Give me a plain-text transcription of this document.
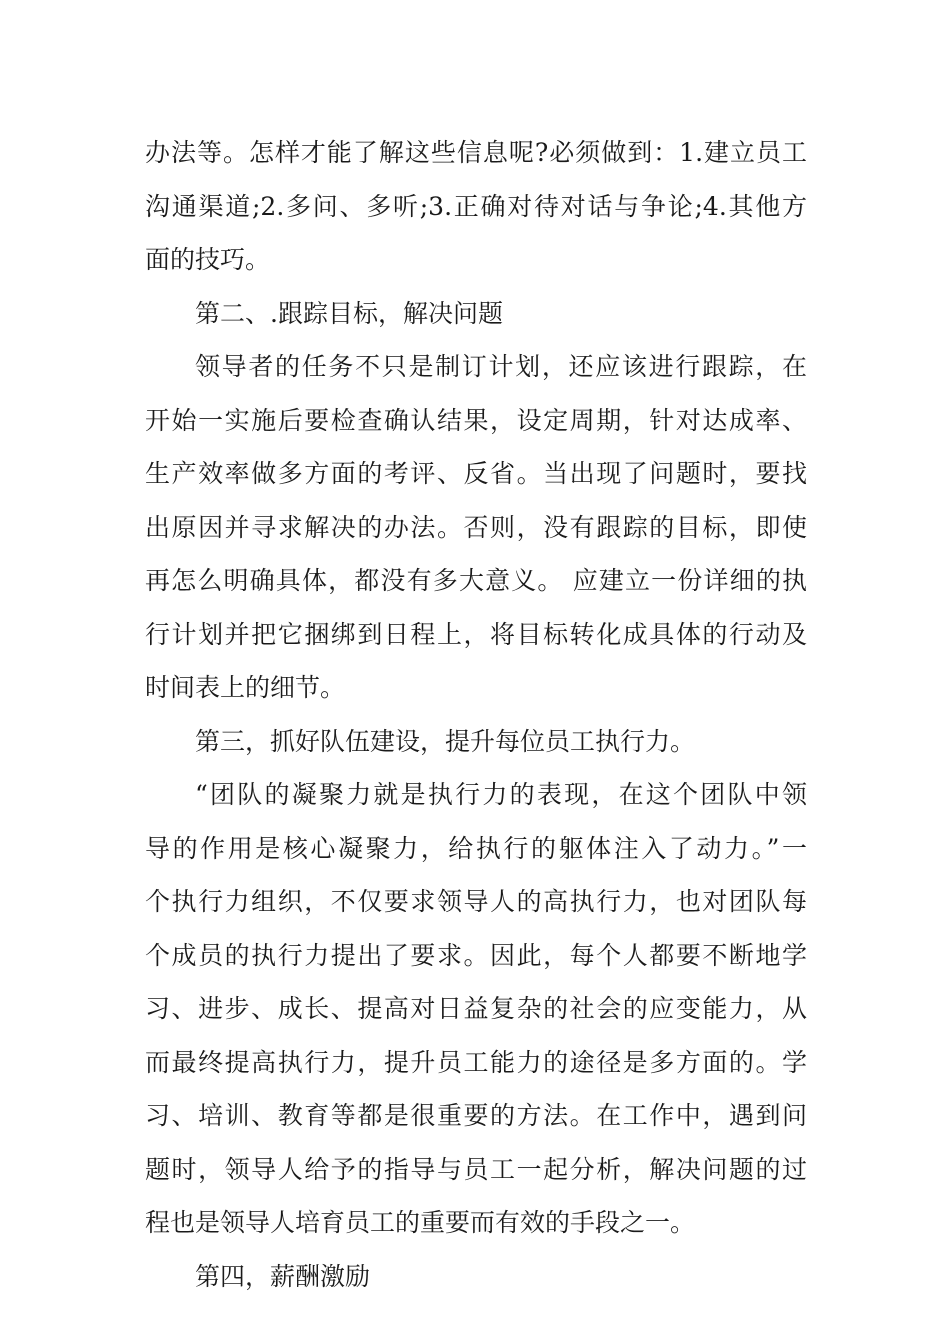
办法等。怎样才能了解这些信息呢?必须做到：1.建立员工
沟通渠道;2.多问、多听;3.正确对待对话与争论;4.其他方
面的技巧。
第二、.跟踪目标，解决问题
领导者的任务不只是制订计划，还应该进行跟踪，在
开始一实施后要检查确认结果，设定周期，针对达成率、
生产效率做多方面的考评、反省。当出现了问题时，要找
出原因并寻求解决的办法。否则，没有跟踪的目标，即使
再怎么明确具体，都没有多大意义。 应建立一份详细的执
行计划并把它捆绑到日程上，将目标转化成具体的行动及
时间表上的细节。
第三，抓好队伍建设，提升每位员工执行力。
“团队的凝聚力就是执行力的表现，在这个团队中领
导的作用是核心凝聚力，给执行的躯体注入了动力。”一
个执行力组织，不仅要求领导人的高执行力，也对团队每
个成员的执行力提出了要求。因此，每个人都要不断地学
习、进步、成长、提高对日益复杂的社会的应变能力，从
而最终提高执行力，提升员工能力的途径是多方面的。学
习、培训、教育等都是很重要的方法。在工作中，遇到问
题时，领导人给予的指导与员工一起分析，解决问题的过
程也是领导人培育员工的重要而有效的手段之一。
第四，薪酬激励
